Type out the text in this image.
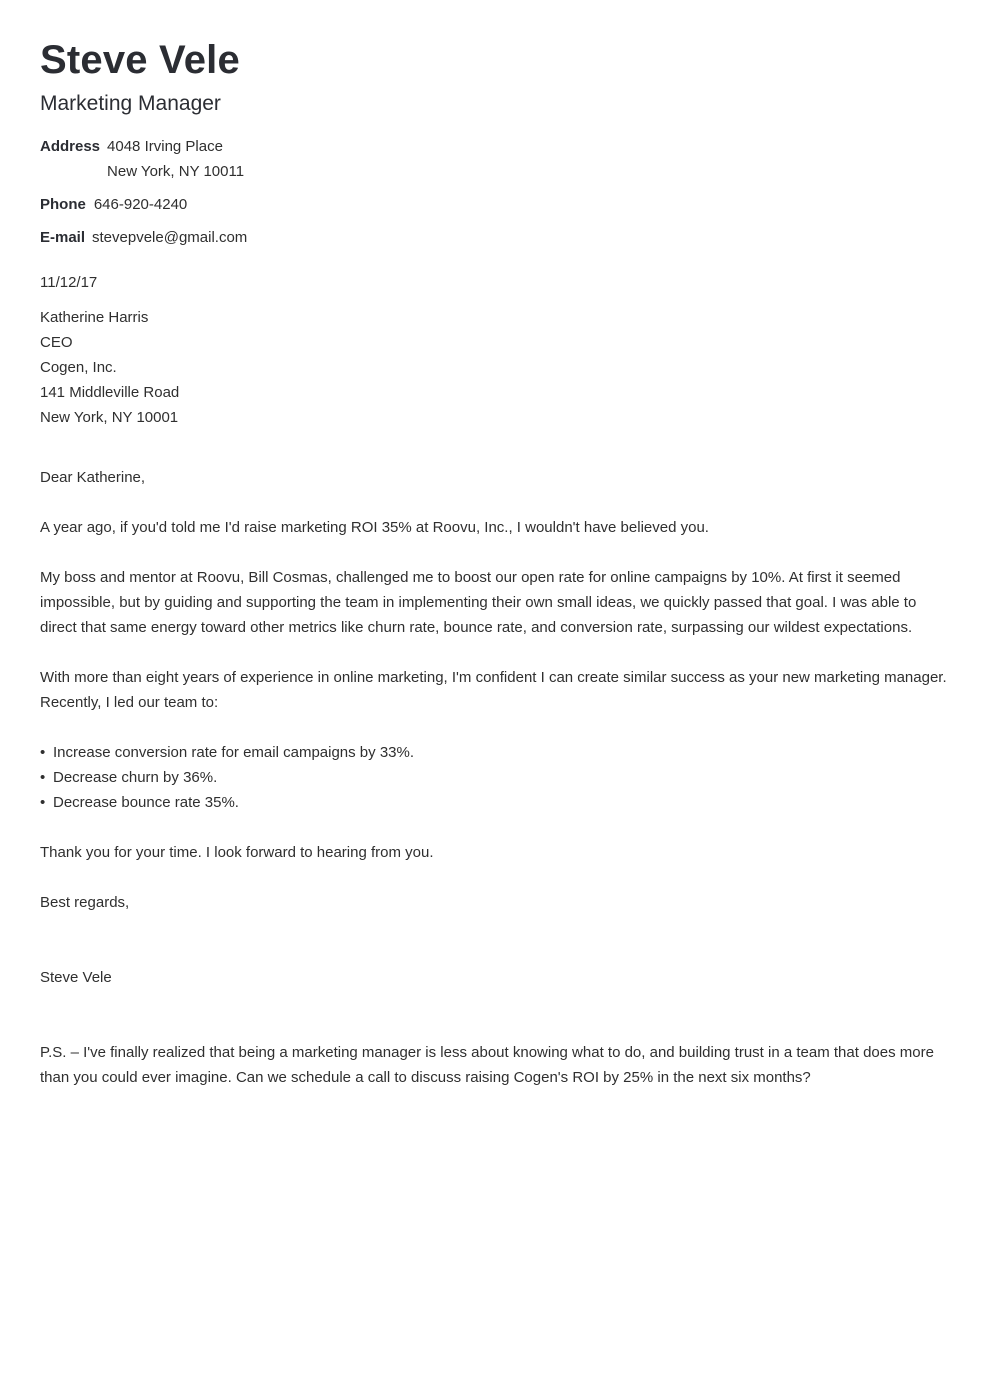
Steve Vele
Marketing Manager
Address 4048 Irving Place
New York, NY 10011
Phone 646-920-4240
E-mail stevepvele@gmail.com
11/12/17
Katherine Harris
CEO
Cogen, Inc.
141 Middleville Road
New York, NY 10001

Dear Katherine,

A year ago, if you'd told me I'd raise marketing ROI 35% at Roovu, Inc., I wouldn't have believed you.

My boss and mentor at Roovu, Bill Cosmas, challenged me to boost our open rate for online campaigns by 10%. At first it seemed impossible, but by guiding and supporting the team in implementing their own small ideas, we quickly passed that goal. I was able to direct that same energy toward other metrics like churn rate, bounce rate, and conversion rate, surpassing our wildest expectations.

With more than eight years of experience in online marketing, I'm confident I can create similar success as your new marketing manager. Recently, I led our team to:

• Increase conversion rate for email campaigns by 33%.
• Decrease churn by 36%.
• Decrease bounce rate 35%.

Thank you for your time. I look forward to hearing from you.

Best regards,

Steve Vele

P.S. – I've finally realized that being a marketing manager is less about knowing what to do, and building trust in a team that does more than you could ever imagine. Can we schedule a call to discuss raising Cogen's ROI by 25% in the next six months?
